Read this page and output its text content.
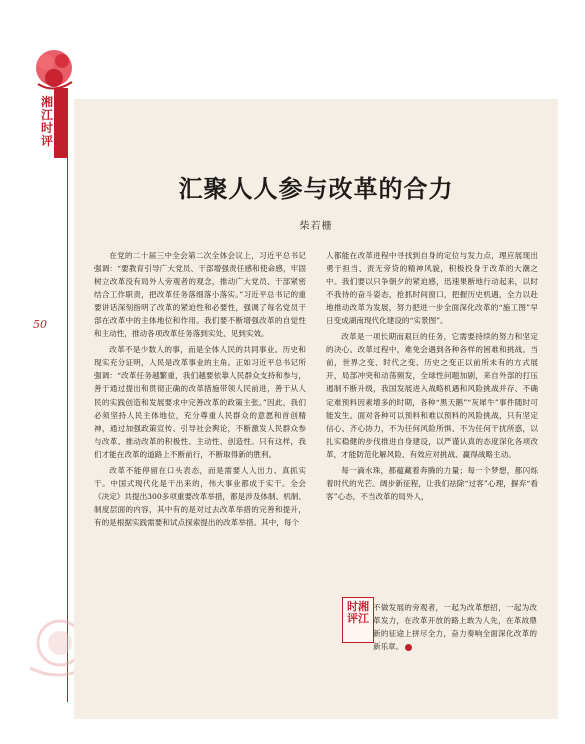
湘
江
时
评
50
汇聚人人参与改革的合力
柴若栅

在党的二十届三中全会第二次全体会议上，习近平总书记强调：“要教育引导广大党员、干部增强责任感和使命感，牢固树立改革没有局外人旁观者的观念，推动广大党员、干部紧密结合工作职责，把改革任务落细落小落实。”习近平总书记的重要讲话深刻指明了改革的紧迫性和必要性，强调了每名党员干部在改革中的主体地位和作用。我们要不断增强改革的自觉性和主动性，推动各项改革任务落到实处、见到实效。

改革不是少数人的事，而是全体人民的共同事业。历史和现实充分证明，人民是改革事业的主角。正如习近平总书记所强调：“改革任务越繁重，我们越要依靠人民群众支持和参与，善于通过提出和贯彻正确的改革措施带领人民前进，善于从人民的实践创造和发展要求中完善改革的政策主张。”因此，我们必须坚持人民主体地位，充分尊重人民群众的意愿和首创精神，通过加强政策宣传、引导社会舆论，不断激发人民群众参与改革、推动改革的积极性、主动性、创造性。只有这样，我们才能在改革的道路上不断前行，不断取得新的胜利。

改革不能停留在口头表态，而是需要人人出力、真抓实干。中国式现代化是干出来的，伟大事业都成于实干。全会《决定》共提出300多项重要改革举措，都是涉及体制、机制、制度层面的内容，其中有的是对过去改革举措的完善和提升，有的是根据实践需要和试点探索提出的改革举措。其中，每个

人都能在改革进程中寻找到自身的定位与发力点，理应展现出勇于担当、责无旁贷的精神风貌，积极投身于改革的大潮之中。我们要以只争朝夕的紧迫感，迅速果断地行动起来，以时不我待的奋斗姿态，抢抓时间窗口，把握历史机遇，全力以赴地推动改革为发展，努力把进一步全面深化改革的“施工图”早日变成湖南现代化建设的“实景图”。

改革是一项长期而艰巨的任务，它需要持续的努力和坚定的决心。改革过程中，难免会遇到各种各样的困难和挑战。当前，世界之变、时代之变、历史之变正以前所未有的方式展开，局部冲突和动荡频发，全球性问题加剧，来自外部的打压遏制不断升级，我国发展进入战略机遇和风险挑战并存、不确定难预料因素增多的时期，各种“黑天鹅”“灰犀牛”事件随时可能发生。面对各种可以预料和难以预料的风险挑战，只有坚定信心、齐心协力，不为任何风险所惧、不为任何干扰所惑，以扎实稳健的步伐推进自身建设，以严谨认真的态度深化各项改革，才能防范化解风险、有效应对挑战、赢得战略主动。

每一滴水珠，都蕴藏着奔腾的力量；每一个梦想，都闪烁着时代的光芒。阔步新征程，让我们祛除“过客”心理，摒弃“看客”心态，不当改革的局外人，

时湘
评江

不做发展的旁观者，一起为改革想招，一起为改革发力，在改革开放的路上敢为人先，在革故鼎新的征途上拼尽全力，奋力奏响全面深化改革的新乐章。
